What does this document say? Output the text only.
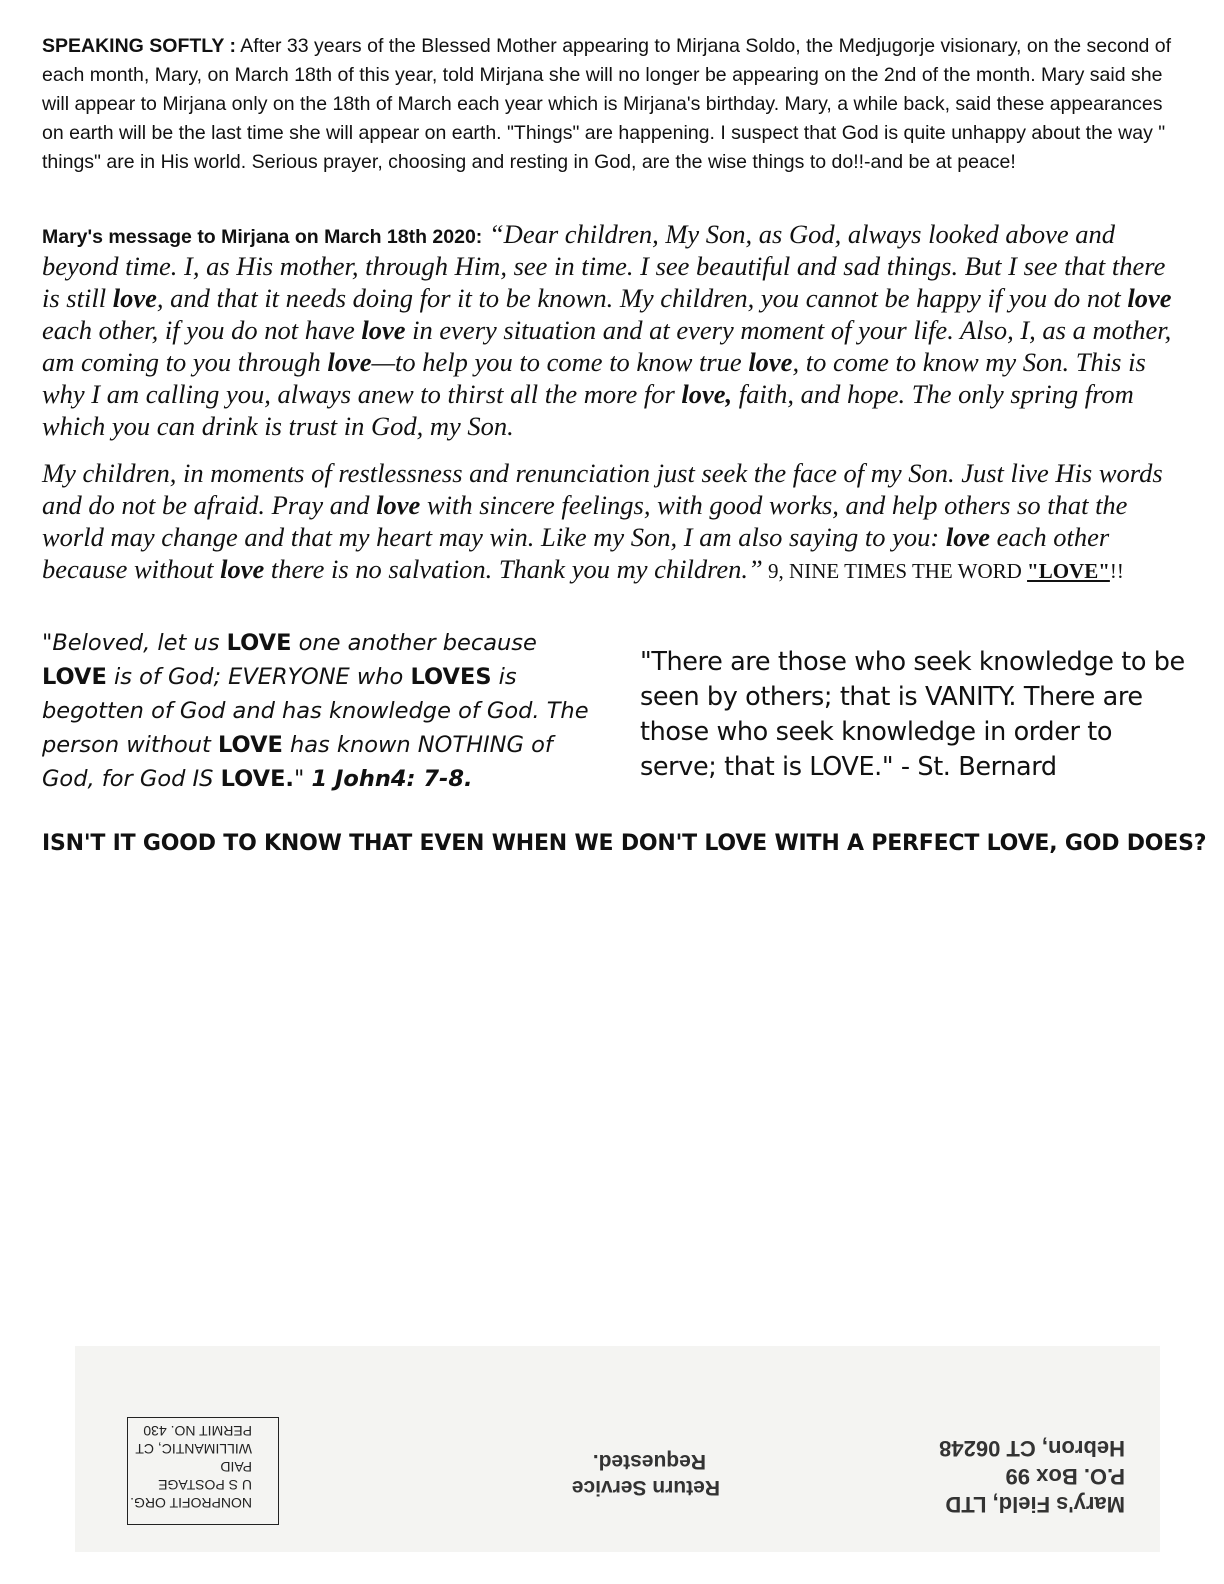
SPEAKING SOFTLY : After 33 years of the Blessed Mother appearing to Mirjana Soldo, the Medjugorje visionary, on the second of each month, Mary, on March 18th of this year, told Mirjana she will no longer be appearing on the 2nd of the month. Mary said she will appear to Mirjana only on the 18th of March each year which is Mirjana's birthday. Mary, a while back, said these appearances on earth will be the last time she will appear on earth. "Things" are happening. I suspect that God is quite unhappy about the way " things" are in His world. Serious prayer, choosing and resting in God, are the wise things to do!!-and be at peace!

Mary's message to Mirjana on March 18th 2020: “Dear children, My Son, as God, always looked above and beyond time. I, as His mother, through Him, see in time. I see beautiful and sad things. But I see that there is still love, and that it needs doing for it to be known. My children, you cannot be happy if you do not love each other, if you do not have love in every situation and at every moment of your life. Also, I, as a mother, am coming to you through love—to help you to come to know true love, to come to know my Son. This is why I am calling you, always anew to thirst all the more for love, faith, and hope. The only spring from which you can drink is trust in God, my Son.

My children, in moments of restlessness and renunciation just seek the face of my Son. Just live His words and do not be afraid. Pray and love with sincere feelings, with good works, and help others so that the world may change and that my heart may win. Like my Son, I am also saying to you: love each other because without love there is no salvation. Thank you my children.” 9, NINE TIMES THE WORD "LOVE"!!

"Beloved, let us LOVE one another because LOVE is of God; EVERYONE who LOVES is begotten of God and has knowledge of God. The person without LOVE has known NOTHING of God, for God IS LOVE." 1 John4: 7-8.

"There are those who seek knowledge to be seen by others; that is VANITY. There are those who seek knowledge in order to serve; that is LOVE." - St. Bernard

ISN'T IT GOOD TO KNOW THAT EVEN WHEN WE DON'T LOVE WITH A PERFECT LOVE, GOD DOES?

NONPROFIT ORG.
U S POSTAGE PAID
WILLIMANTIC, CT
PERMIT NO. 430
Return Service
Requested.
Mary's Field, LTD
P.O. Box 99
Hebron, CT 06248
